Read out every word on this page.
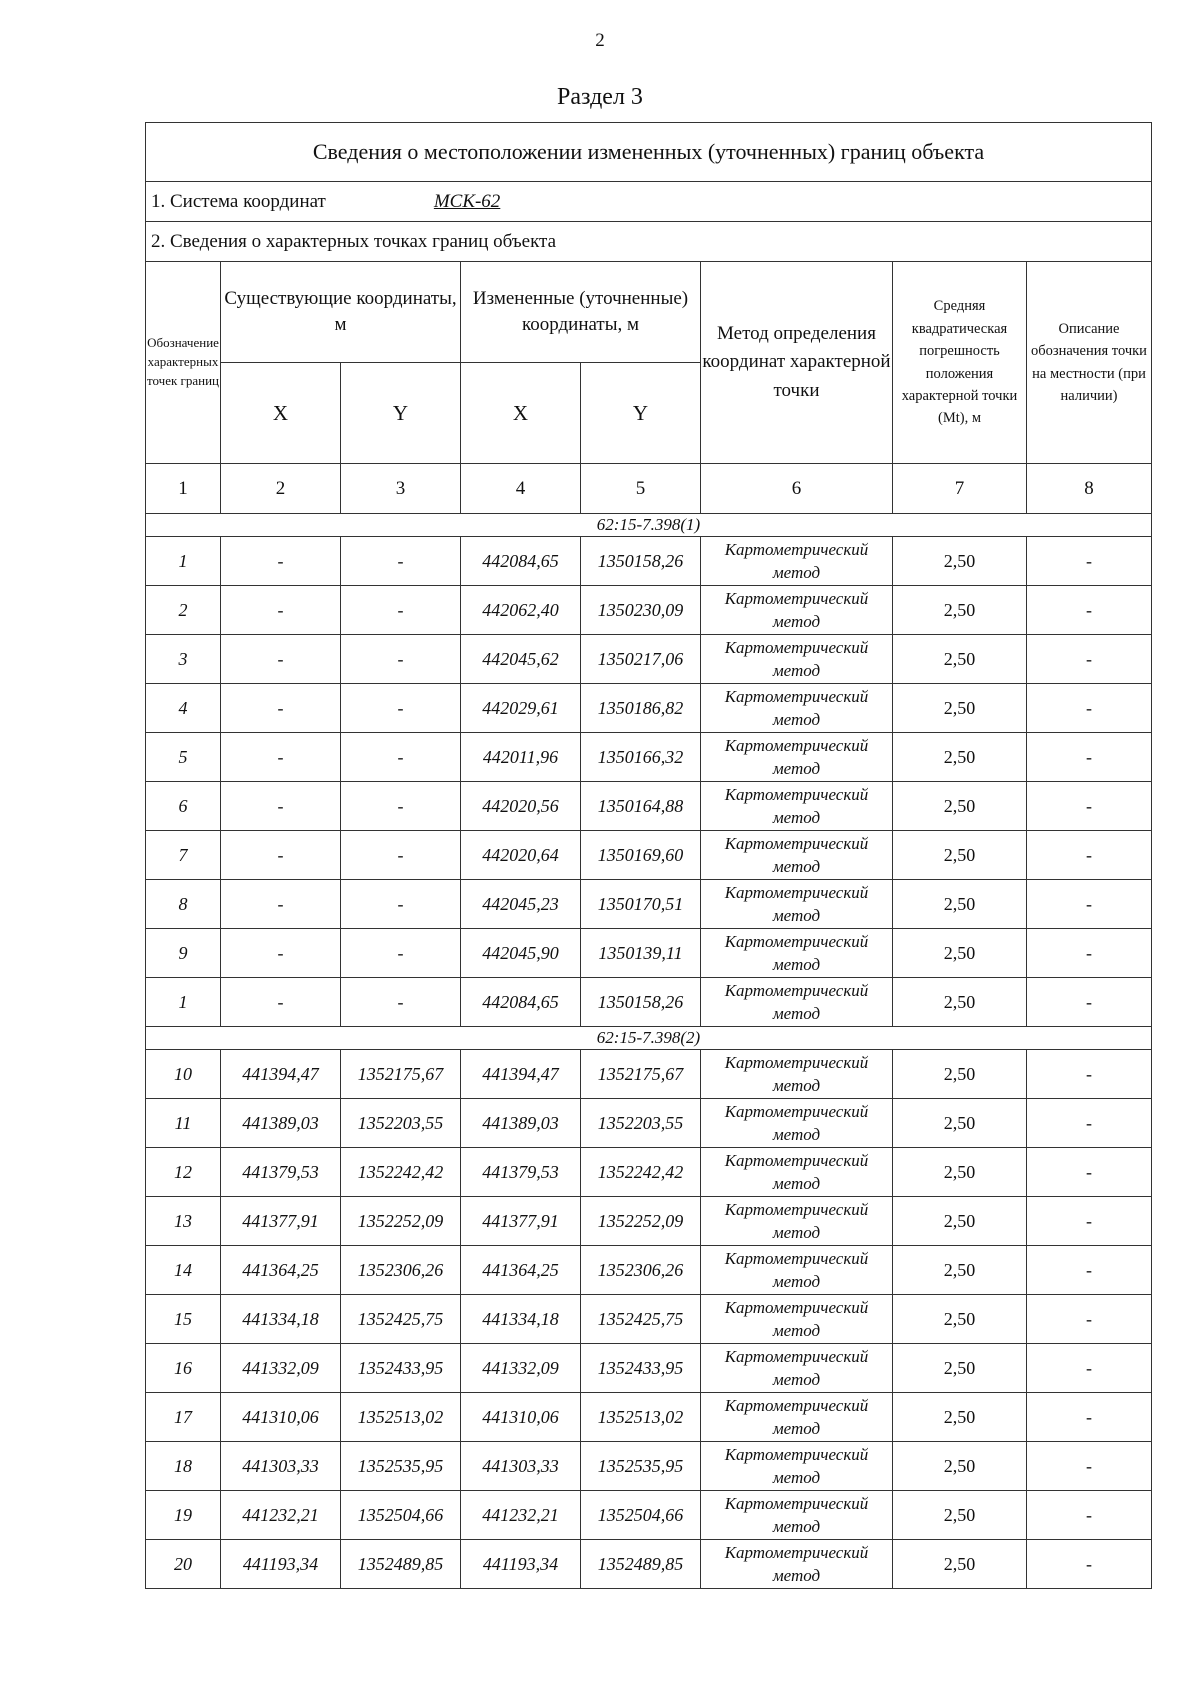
2
Раздел 3
Сведения о местоположении измененных (уточненных) границ объекта							
1. Система координат МСК-62							
2. Сведения о характерных точках границ объекта							
Обозначение характерных точек границ	Существующие координаты, м		Измененные (уточненные) координаты, м		Метод определения координат характерной точки	Средняя квадратическая погрешность положения характерной точки (Mt), м	Описание обозначения точки на местности (при наличии)
	X	Y	X	Y			
1	2	3	4	5	6	7	8
62:15-7.398(1)							
1	-	-	442084,65	1350158,26	Картометрический метод	2,50	-
2	-	-	442062,40	1350230,09	Картометрический метод	2,50	-
3	-	-	442045,62	1350217,06	Картометрический метод	2,50	-
4	-	-	442029,61	1350186,82	Картометрический метод	2,50	-
5	-	-	442011,96	1350166,32	Картометрический метод	2,50	-
6	-	-	442020,56	1350164,88	Картометрический метод	2,50	-
7	-	-	442020,64	1350169,60	Картометрический метод	2,50	-
8	-	-	442045,23	1350170,51	Картометрический метод	2,50	-
9	-	-	442045,90	1350139,11	Картометрический метод	2,50	-
1	-	-	442084,65	1350158,26	Картометрический метод	2,50	-
62:15-7.398(2)							
10	441394,47	1352175,67	441394,47	1352175,67	Картометрический метод	2,50	-
11	441389,03	1352203,55	441389,03	1352203,55	Картометрический метод	2,50	-
12	441379,53	1352242,42	441379,53	1352242,42	Картометрический метод	2,50	-
13	441377,91	1352252,09	441377,91	1352252,09	Картометрический метод	2,50	-
14	441364,25	1352306,26	441364,25	1352306,26	Картометрический метод	2,50	-
15	441334,18	1352425,75	441334,18	1352425,75	Картометрический метод	2,50	-
16	441332,09	1352433,95	441332,09	1352433,95	Картометрический метод	2,50	-
17	441310,06	1352513,02	441310,06	1352513,02	Картометрический метод	2,50	-
18	441303,33	1352535,95	441303,33	1352535,95	Картометрический метод	2,50	-
19	441232,21	1352504,66	441232,21	1352504,66	Картометрический метод	2,50	-
20	441193,34	1352489,85	441193,34	1352489,85	Картометрический метод	2,50	-
